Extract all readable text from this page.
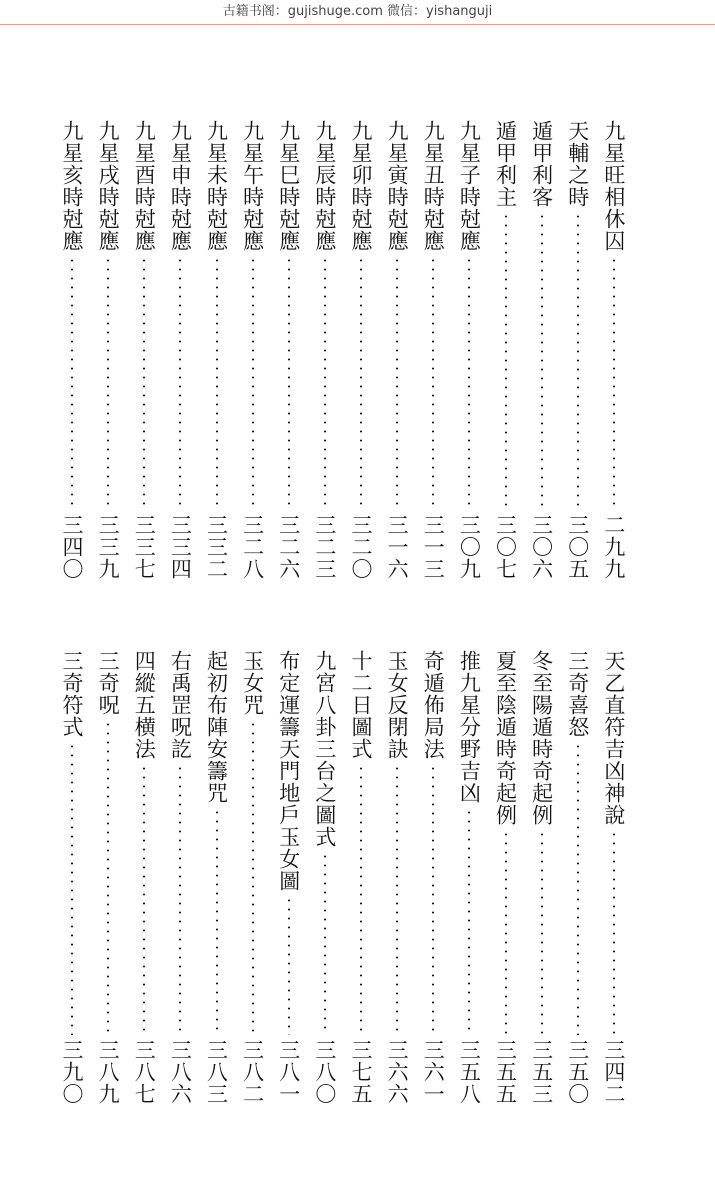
古籍书阁：gujishuge.com 微信：yishanguji
九星旺相休囚
二九九
天輔之時
三〇五
遁甲利客
三〇六
遁甲利主
三〇七
九星子時尅應
三〇九
九星丑時尅應
三一三
九星寅時尅應
三一六
九星卯時尅應
三二〇
九星辰時尅應
三二三
九星巳時尅應
三二六
九星午時尅應
三二八
九星未時尅應
三三二
九星申時尅應
三三四
九星酉時尅應
三三七
九星戌時尅應
三三九
九星亥時尅應
三四〇
天乙直符吉凶神說
三四二
三奇喜怒
三五〇
冬至陽遁時奇起例
三五三
夏至陰遁時奇起例
三五五
推九星分野吉凶
三五八
奇遁佈局法
三六一
玉女反閉訣
三六六
十二日圖式
三七五
九宮八卦三台之圖式
三八〇
布定運籌天門地戶玉女圖
三八一
玉女咒
三八二
起初布陣安籌咒
三八三
右禹罡呪訖
三八六
四縱五横法
三八七
三奇呪
三八九
三奇符式
三九〇
